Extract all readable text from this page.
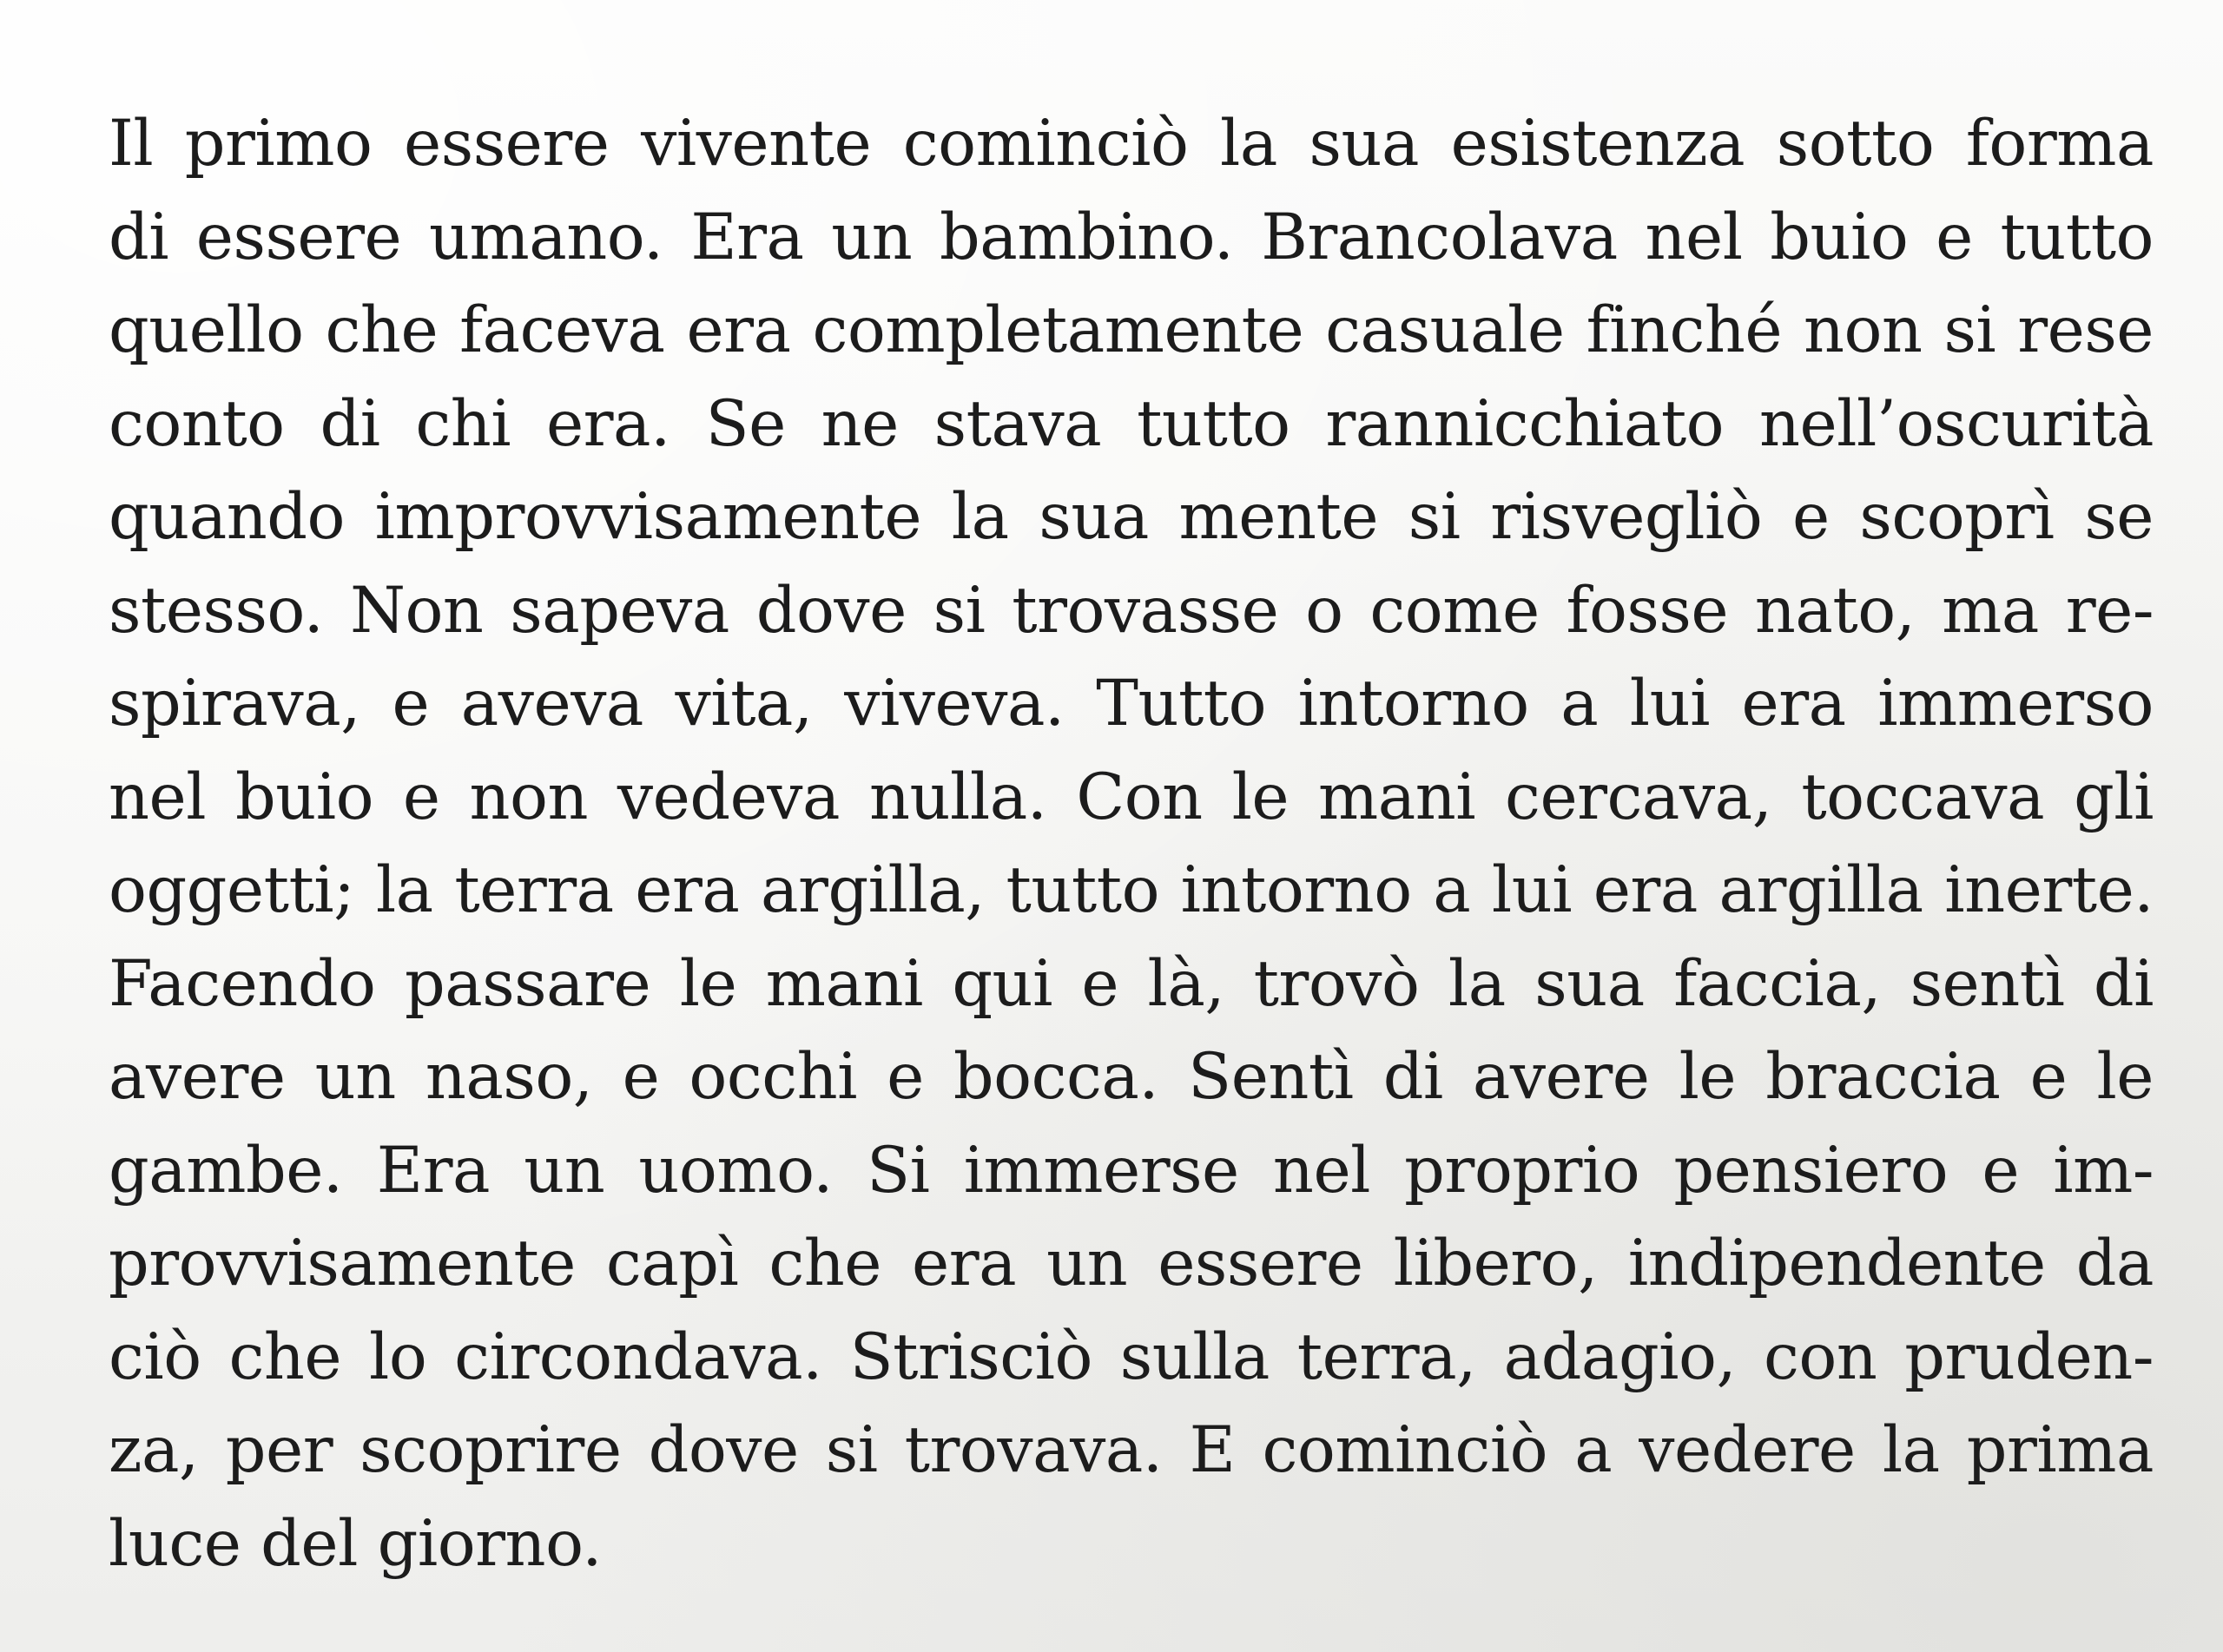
Il primo essere vivente cominciò la sua esistenza sotto forma
di essere umano. Era un bambino. Brancolava nel buio e tutto
quello che faceva era completamente casuale finché non si rese
conto di chi era. Se ne stava tutto rannicchiato nell’oscurità
quando improvvisamente la sua mente si risvegliò e scoprì se
stesso. Non sapeva dove si trovasse o come fosse nato, ma re-
spirava, e aveva vita, viveva. Tutto intorno a lui era immerso
nel buio e non vedeva nulla. Con le mani cercava, toccava gli
oggetti; la terra era argilla, tutto intorno a lui era argilla inerte.
Facendo passare le mani qui e là, trovò la sua faccia, sentì di
avere un naso, e occhi e bocca. Sentì di avere le braccia e le
gambe. Era un uomo. Si immerse nel proprio pensiero e im-
provvisamente capì che era un essere libero, indipendente da
ciò che lo circondava. Strisciò sulla terra, adagio, con pruden-
za, per scoprire dove si trovava. E cominciò a vedere la prima
luce del giorno.
